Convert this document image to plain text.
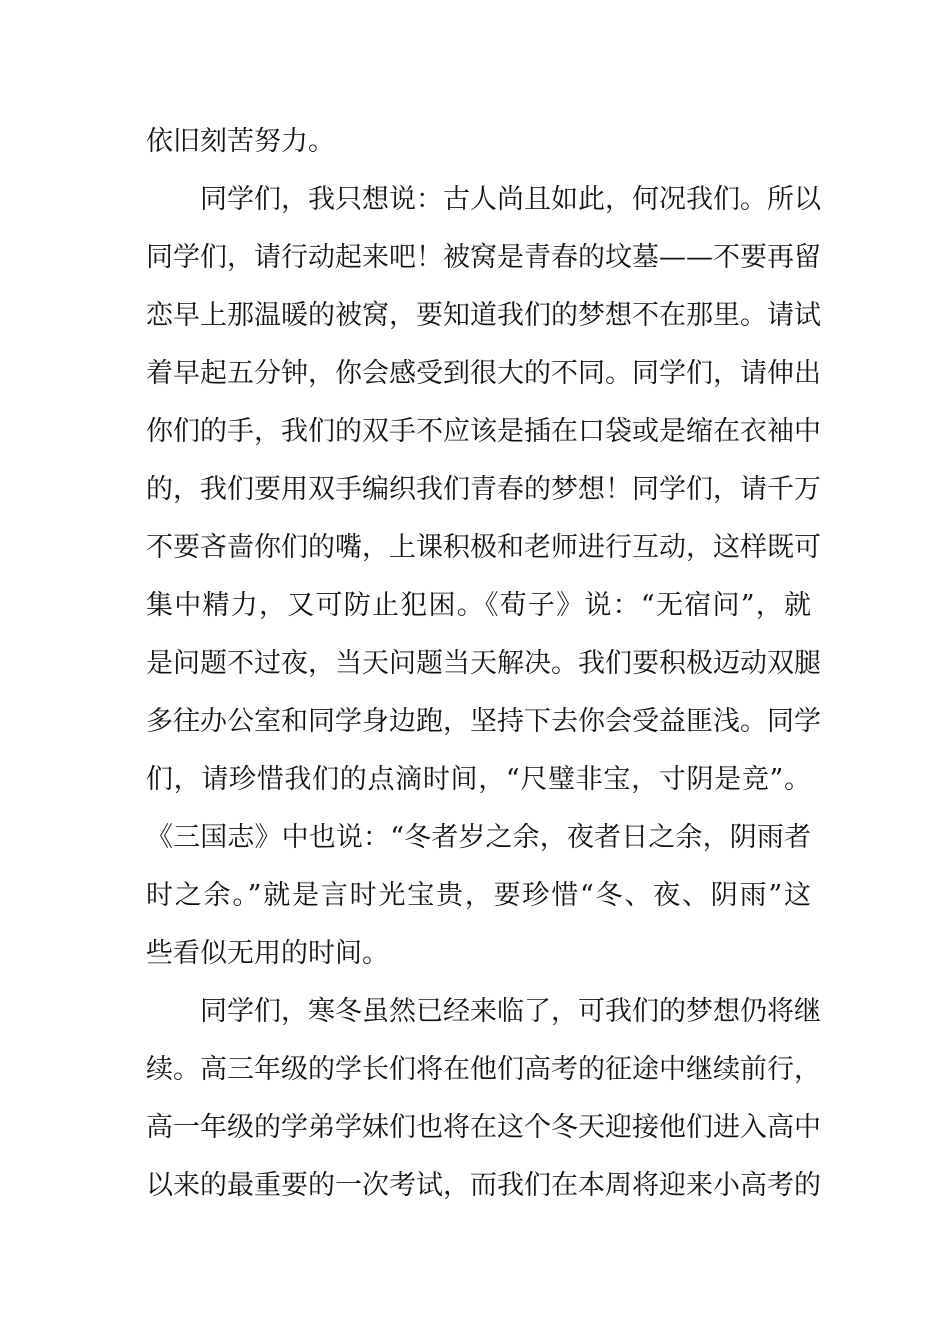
依旧刻苦努力。
同学们，我只想说：古人尚且如此，何况我们。所以
同学们，请行动起来吧！被窝是青春的坟墓——不要再留
恋早上那温暖的被窝，要知道我们的梦想不在那里。请试
着早起五分钟，你会感受到很大的不同。同学们，请伸出
你们的手，我们的双手不应该是插在口袋或是缩在衣袖中
的，我们要用双手编织我们青春的梦想！同学们，请千万
不要吝啬你们的嘴，上课积极和老师进行互动，这样既可
集中精力，又可防止犯困。《荀子》说：“无宿问”，就
是问题不过夜，当天问题当天解决。我们要积极迈动双腿
多往办公室和同学身边跑，坚持下去你会受益匪浅。同学
们，请珍惜我们的点滴时间，“尺璧非宝，寸阴是竞”。
《三国志》中也说：“冬者岁之余，夜者日之余，阴雨者
时之余。”就是言时光宝贵，要珍惜“冬、夜、阴雨”这
些看似无用的时间。
同学们，寒冬虽然已经来临了，可我们的梦想仍将继
续。高三年级的学长们将在他们高考的征途中继续前行，
高一年级的学弟学妹们也将在这个冬天迎接他们进入高中
以来的最重要的一次考试，而我们在本周将迎来小高考的
